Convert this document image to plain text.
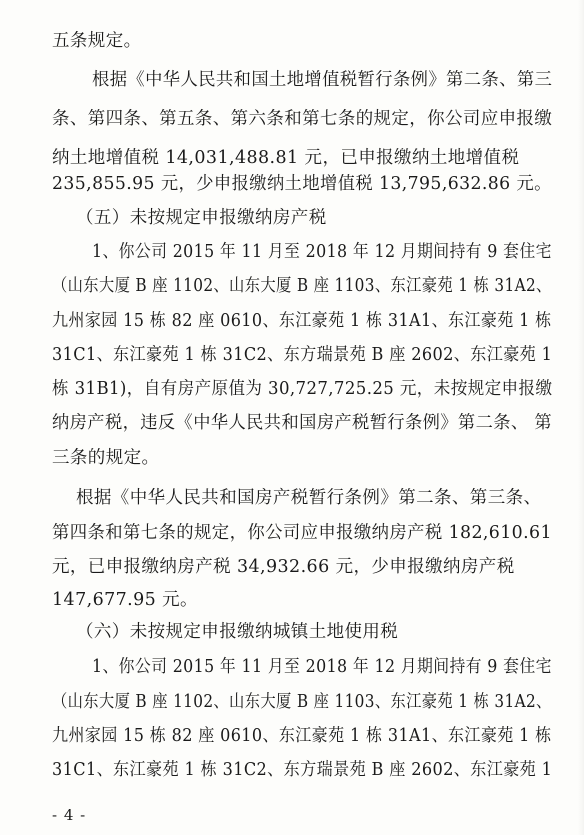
五条规定。
根据《中华人民共和国土地增值税暂行条例》第二条、第三
条、第四条、第五条、第六条和第七条的规定，你公司应申报缴
纳土地增值税 14,031,488.81 元，已申报缴纳土地增值税
235,855.95 元，少申报缴纳土地增值税 13,795,632.86 元。
（五）未按规定申报缴纳房产税
1、你公司 2015 年 11 月至 2018 年 12 月期间持有 9 套住宅
（山东大厦 B 座 1102、山东大厦 B 座 1103、东江豪苑 1 栋 31A2、
九州家园 15 栋 82 座 0610、东江豪苑 1 栋 31A1、东江豪苑 1 栋
31C1、东江豪苑 1 栋 31C2、东方瑞景苑 B 座 2602、东江豪苑 1
栋 31B1)，自有房产原值为 30,727,725.25 元，未按规定申报缴
纳房产税，违反《中华人民共和国房产税暂行条例》第二条、 第
三条的规定。
根据《中华人民共和国房产税暂行条例》第二条、第三条、
第四条和第七条的规定，你公司应申报缴纳房产税 182,610.61
元，已申报缴纳房产税 34,932.66 元，少申报缴纳房产税
147,677.95 元。
（六）未按规定申报缴纳城镇土地使用税
1、你公司 2015 年 11 月至 2018 年 12 月期间持有 9 套住宅
（山东大厦 B 座 1102、山东大厦 B 座 1103、东江豪苑 1 栋 31A2、
九州家园 15 栋 82 座 0610、东江豪苑 1 栋 31A1、东江豪苑 1 栋
31C1、东江豪苑 1 栋 31C2、东方瑞景苑 B 座 2602、东江豪苑 1
- 4 -
